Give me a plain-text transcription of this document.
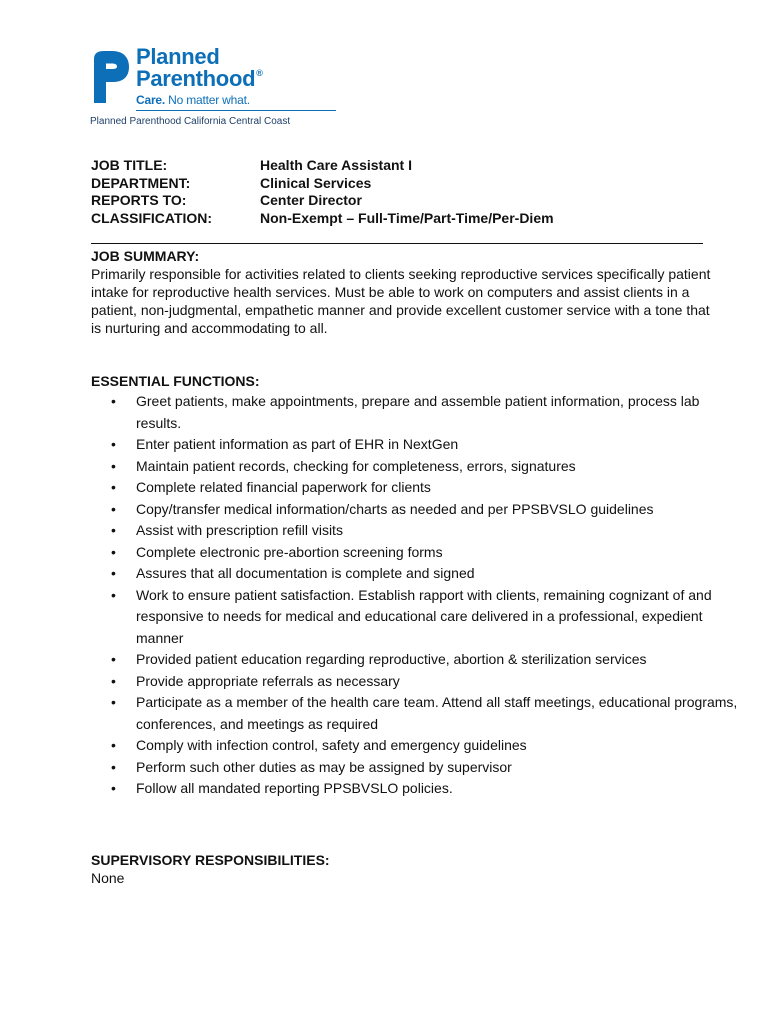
Planned
Parenthood®
Care. No matter what.
Planned Parenthood California Central Coast
JOB TITLE:	Health Care Assistant I
DEPARTMENT:	Clinical Services
REPORTS TO:	Center Director
CLASSIFICATION:	Non-Exempt – Full-Time/Part-Time/Per-Diem
JOB SUMMARY:
Primarily responsible for activities related to clients seeking reproductive services specifically patient intake for reproductive health services. Must be able to work on computers and assist clients in a patient, non-judgmental, empathetic manner and provide excellent customer service with a tone that is nurturing and accommodating to all.
ESSENTIAL FUNCTIONS:
• Greet patients, make appointments, prepare and assemble patient information, process lab results.
• Enter patient information as part of EHR in NextGen
• Maintain patient records, checking for completeness, errors, signatures
• Complete related financial paperwork for clients
• Copy/transfer medical information/charts as needed and per PPSBVSLO guidelines
• Assist with prescription refill visits
• Complete electronic pre-abortion screening forms
• Assures that all documentation is complete and signed
• Work to ensure patient satisfaction. Establish rapport with clients, remaining cognizant of and responsive to needs for medical and educational care delivered in a professional, expedient manner
• Provided patient education regarding reproductive, abortion & sterilization services
• Provide appropriate referrals as necessary
• Participate as a member of the health care team. Attend all staff meetings, educational programs, conferences, and meetings as required
• Comply with infection control, safety and emergency guidelines
• Perform such other duties as may be assigned by supervisor
• Follow all mandated reporting PPSBVSLO policies.
SUPERVISORY RESPONSIBILITIES:
None
